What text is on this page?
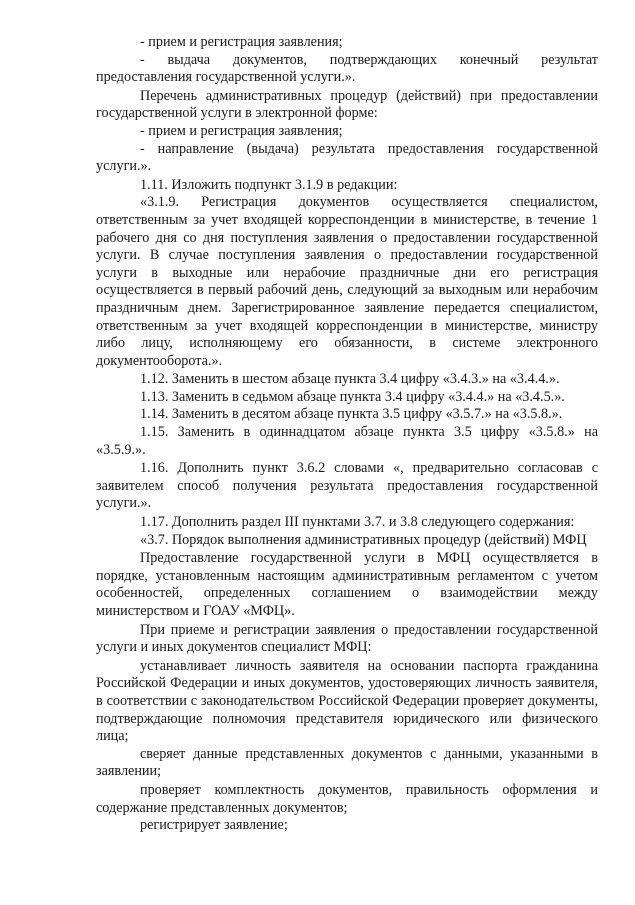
- прием и регистрация заявления;

- выдача документов, подтверждающих конечный результат предоставления государственной услуги.».

Перечень административных процедур (действий) при предоставлении государственной услуги в электронной форме:

- прием и регистрация заявления;

- направление (выдача) результата предоставления государственной услуги.».

1.11. Изложить подпункт 3.1.9 в редакции:

«3.1.9. Регистрация документов осуществляется специалистом, ответственным за учет входящей корреспонденции в министерстве, в течение 1 рабочего дня со дня поступления заявления о предоставлении государственной услуги. В случае поступления заявления о предоставлении государственной услуги в выходные или нерабочие праздничные дни его регистрация осуществляется в первый рабочий день, следующий за выходным или нерабочим праздничным днем. Зарегистрированное заявление передается специалистом, ответственным за учет входящей корреспонденции в министерстве, министру либо лицу, исполняющему его обязанности, в системе электронного документооборота.».

1.12. Заменить в шестом абзаце пункта 3.4 цифру «3.4.3.» на «3.4.4.».

1.13. Заменить в седьмом абзаце пункта 3.4 цифру «3.4.4.» на «3.4.5.».

1.14. Заменить в десятом абзаце пункта 3.5 цифру «3.5.7.» на «3.5.8.».

1.15. Заменить в одиннадцатом абзаце пункта 3.5 цифру «3.5.8.» на «3.5.9.».

1.16. Дополнить пункт 3.6.2 словами «, предварительно согласовав с заявителем способ получения результата предоставления государственной услуги.».

1.17. Дополнить раздел III пунктами 3.7. и 3.8 следующего содержания:

«3.7. Порядок выполнения административных процедур (действий) МФЦ

Предоставление государственной услуги в МФЦ осуществляется в порядке, установленным настоящим административным регламентом с учетом особенностей, определенных соглашением о взаимодействии между министерством и ГОАУ «МФЦ».

При приеме и регистрации заявления о предоставлении государственной услуги и иных документов специалист МФЦ:

устанавливает личность заявителя на основании паспорта гражданина Российской Федерации и иных документов, удостоверяющих личность заявителя, в соответствии с законодательством Российской Федерации проверяет документы, подтверждающие полномочия представителя юридического или физического лица;

сверяет данные представленных документов с данными, указанными в заявлении;

проверяет комплектность документов, правильность оформления и содержание представленных документов;

регистрирует заявление;
